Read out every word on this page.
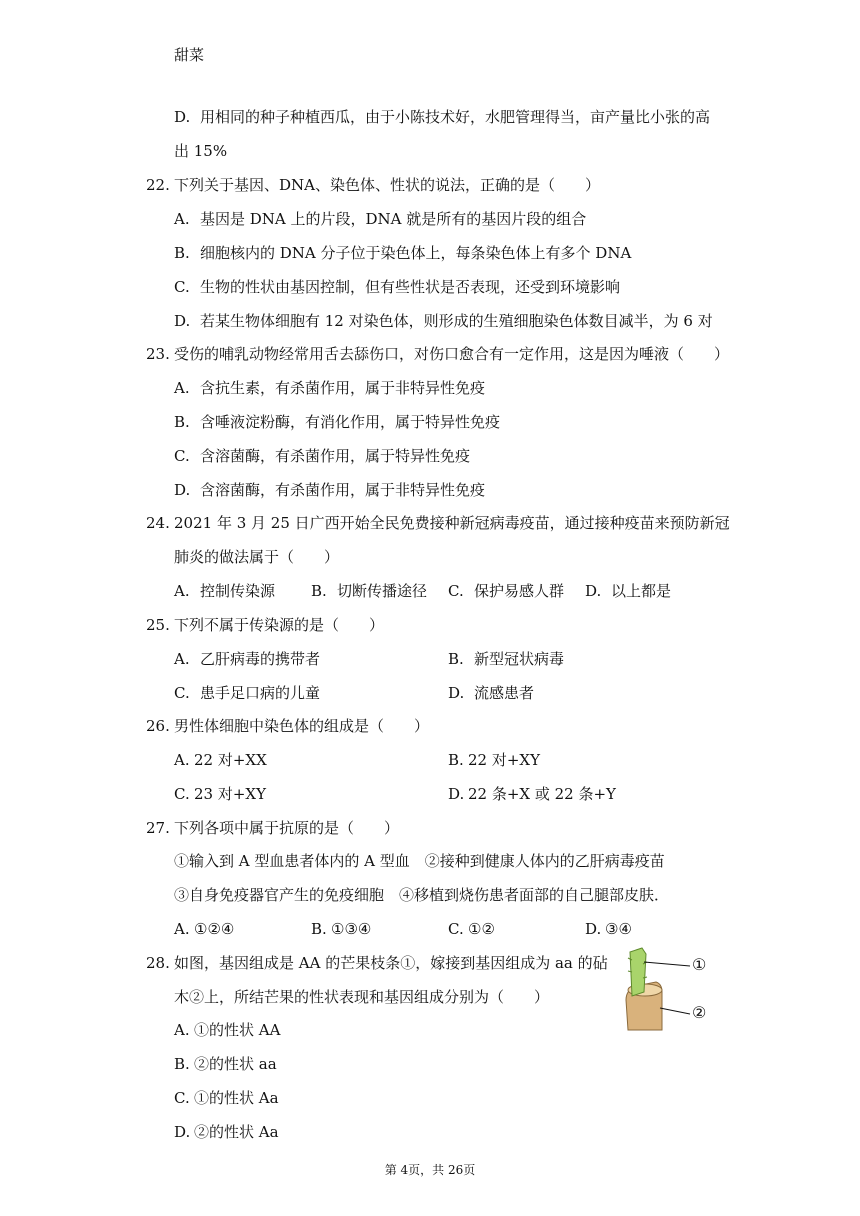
甜菜
D. 用相同的种子种植西瓜，由于小陈技术好，水肥管理得当，亩产量比小张的高
出 15%
22. 下列关于基因、DNA、染色体、性状的说法，正确的是（　　）
A. 基因是 DNA 上的片段，DNA 就是所有的基因片段的组合
B. 细胞核内的 DNA 分子位于染色体上，每条染色体上有多个 DNA
C. 生物的性状由基因控制，但有些性状是否表现，还受到环境影响
D. 若某生物体细胞有 12 对染色体，则形成的生殖细胞染色体数目减半，为 6 对
23. 受伤的哺乳动物经常用舌去舔伤口，对伤口愈合有一定作用，这是因为唾液（　　）
A. 含抗生素，有杀菌作用，属于非特异性免疫
B. 含唾液淀粉酶，有消化作用，属于特异性免疫
C. 含溶菌酶，有杀菌作用，属于特异性免疫
D. 含溶菌酶，有杀菌作用，属于非特异性免疫
24. 2021 年 3 月 25 日广西开始全民免费接种新冠病毒疫苗，通过接种疫苗来预防新冠
肺炎的做法属于（　　）
A. 控制传染源 B. 切断传播途径 C. 保护易感人群 D. 以上都是
25. 下列不属于传染源的是（　　）
A. 乙肝病毒的携带者	B. 新型冠状病毒
C. 患手足口病的儿童	D. 流感患者
26. 男性体细胞中染色体的组成是（　　）
A. 22 对+XX	B. 22 对+XY
C. 23 对+XY	D. 22 条+X 或 22 条+Y
27. 下列各项中属于抗原的是（　　）
①输入到 A 型血患者体内的 A 型血　②接种到健康人体内的乙肝病毒疫苗
③自身免疫器官产生的免疫细胞　④移植到烧伤患者面部的自己腿部皮肤．
A. ①②④	B. ①③④	C. ①②	D. ③④
28. 如图，基因组成是 AA 的芒果枝条①，嫁接到基因组成为 aa 的砧
木②上，所结芒果的性状表现和基因组成分别为（　　）
A. ①的性状 AA
B. ②的性状 aa
C. ①的性状 Aa
D. ②的性状 Aa
①
②
第 4页，共 26页
